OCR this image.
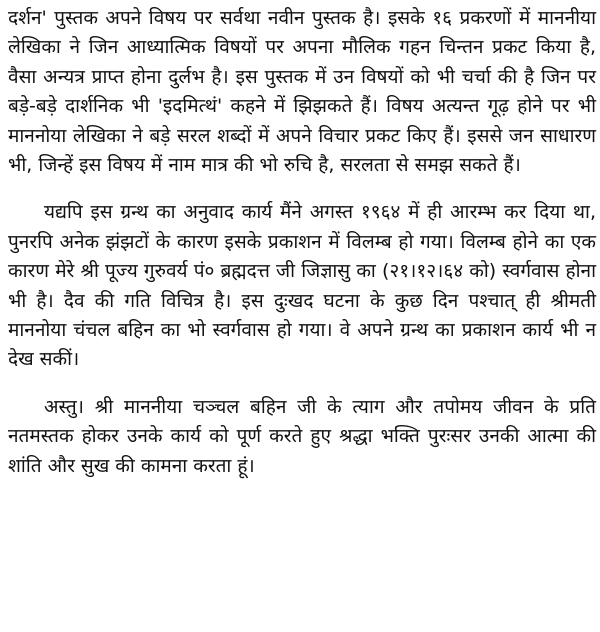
दर्शन' पुस्तक अपने विषय पर सर्वथा नवीन पुस्तक है। इसके १६ प्रकरणों में माननीया लेखिका ने जिन आध्यात्मिक विषयों पर अपना मौलिक गहन चिन्तन प्रकट किया है, वैसा अन्यत्र प्राप्त होना दुर्लभ है। इस पुस्तक में उन विषयों को भी चर्चा की है जिन पर बड़े-बड़े दार्शनिक भी 'इदमित्थं' कहने में झिझकते हैं। विषय अत्यन्त गूढ़ होने पर भी माननोया लेखिका ने बड़े सरल शब्दों में अपने विचार प्रकट किए हैं। इससे जन साधारण भी, जिन्हें इस विषय में नाम मात्र की भो रुचि है, सरलता से समझ सकते हैं।

यद्यपि इस ग्रन्थ का अनुवाद कार्य मैंने अगस्त १९६४ में ही आरम्भ कर दिया था, पुनरपि अनेक झंझटों के कारण इसके प्रकाशन में विलम्ब हो गया। विलम्ब होने का एक कारण मेरे श्री पूज्य गुरुवर्य पं० ब्रह्मदत्त जी जिज्ञासु का (२१।१२।६४ को) स्वर्गवास होना भी है। दैव की गति विचित्र है। इस दुःखद घटना के कुछ दिन पश्चात् ही श्रीमती माननोया चंचल बहिन का भो स्वर्गवास हो गया। वे अपने ग्रन्थ का प्रकाशन कार्य भी न देख सकीं।

अस्तु। श्री माननीया चञ्चल बहिन जी के त्याग और तपोमय जीवन के प्रति नतमस्तक होकर उनके कार्य को पूर्ण करते हुए श्रद्धा भक्ति पुरःसर उनकी आत्मा की शांति और सुख की कामना करता हूं।
